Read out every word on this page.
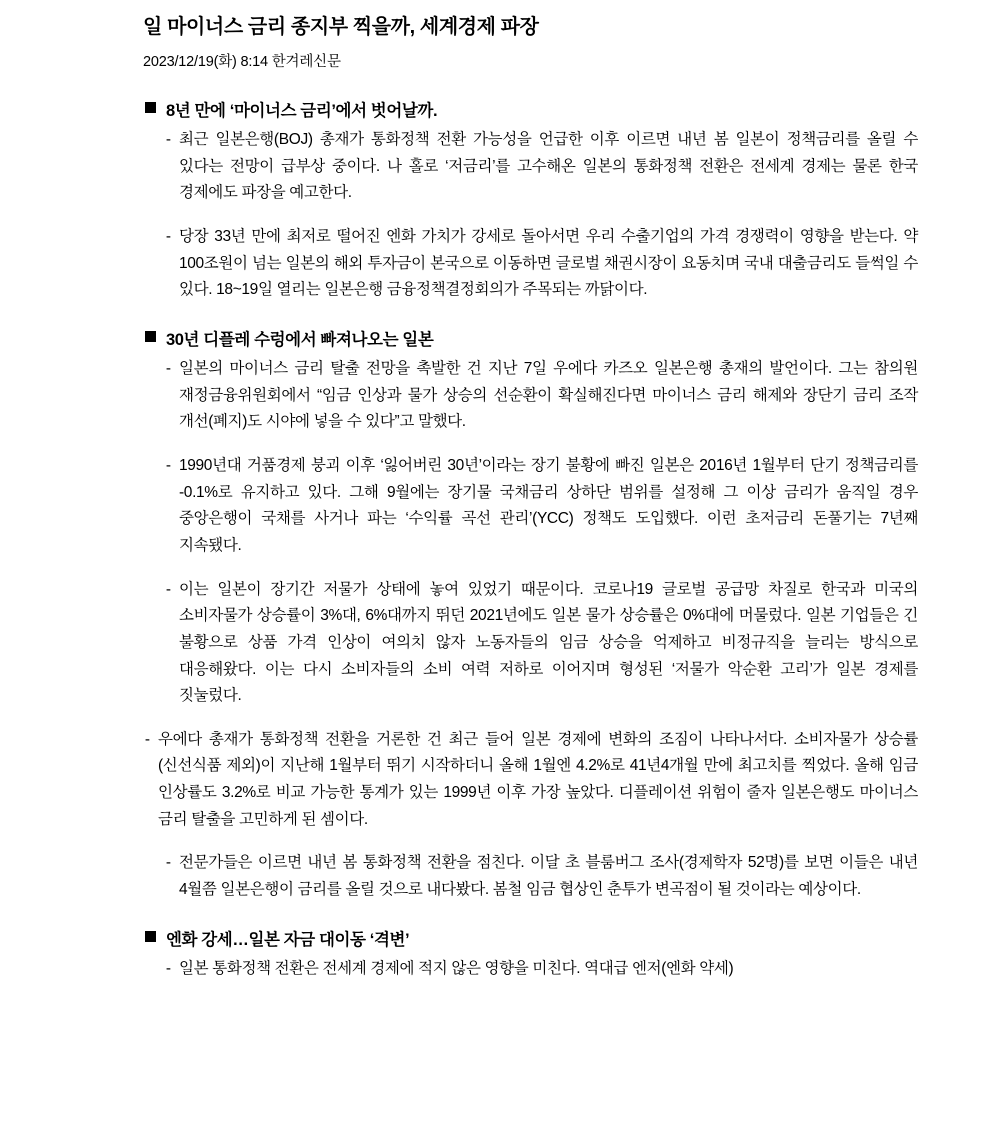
일 마이너스 금리 종지부 찍을까, 세계경제 파장
2023/12/19(화) 8:14 한겨레신문
8년 만에 ‘마이너스 금리’에서 벗어날까.
- 최근 일본은행(BOJ) 총재가 통화정책 전환 가능성을 언급한 이후 이르면 내년 봄 일본이 정책금리를 올릴 수 있다는 전망이 급부상 중이다. 나 홀로 ‘저금리’를 고수해온 일본의 통화정책 전환은 전세계 경제는 물론 한국 경제에도 파장을 예고한다.
- 당장 33년 만에 최저로 떨어진 엔화 가치가 강세로 돌아서면 우리 수출기업의 가격 경쟁력이 영향을 받는다. 약 100조원이 넘는 일본의 해외 투자금이 본국으로 이동하면 글로벌 채권시장이 요동치며 국내 대출금리도 들썩일 수 있다. 18~19일 열리는 일본은행 금융정책결정회의가 주목되는 까닭이다.
30년 디플레 수렁에서 빠져나오는 일본
- 일본의 마이너스 금리 탈출 전망을 촉발한 건 지난 7일 우에다 카즈오 일본은행 총재의 발언이다. 그는 참의원 재정금융위원회에서 “임금 인상과 물가 상승의 선순환이 확실해진다면 마이너스 금리 해제와 장단기 금리 조작 개선(폐지)도 시야에 넣을 수 있다”고 말했다.
- 1990년대 거품경제 붕괴 이후 ‘잃어버린 30년’이라는 장기 불황에 빠진 일본은 2016년 1월부터 단기 정책금리를 -0.1%로 유지하고 있다. 그해 9월에는 장기물 국채금리 상하단 범위를 설정해 그 이상 금리가 움직일 경우 중앙은행이 국채를 사거나 파는 ‘수익률 곡선 관리’(YCC) 정책도 도입했다. 이런 초저금리 돈풀기는 7년째 지속됐다.
- 이는 일본이 장기간 저물가 상태에 놓여 있었기 때문이다. 코로나19 글로벌 공급망 차질로 한국과 미국의 소비자물가 상승률이 3%대, 6%대까지 뛰던 2021년에도 일본 물가 상승률은 0%대에 머물렀다. 일본 기업들은 긴 불황으로 상품 가격 인상이 여의치 않자 노동자들의 임금 상승을 억제하고 비정규직을 늘리는 방식으로 대응해왔다. 이는 다시 소비자들의 소비 여력 저하로 이어지며 형성된 ‘저물가 악순환 고리’가 일본 경제를 짓눌렀다.
- 우에다 총재가 통화정책 전환을 거론한 건 최근 들어 일본 경제에 변화의 조짐이 나타나서다. 소비자물가 상승률(신선식품 제외)이 지난해 1월부터 뛰기 시작하더니 올해 1월엔 4.2%로 41년4개월 만에 최고치를 찍었다. 올해 임금 인상률도 3.2%로 비교 가능한 통계가 있는 1999년 이후 가장 높았다. 디플레이션 위험이 줄자 일본은행도 마이너스 금리 탈출을 고민하게 된 셈이다.
- 전문가들은 이르면 내년 봄 통화정책 전환을 점친다. 이달 초 블룸버그 조사(경제학자 52명)를 보면 이들은 내년 4월쯤 일본은행이 금리를 올릴 것으로 내다봤다. 봄철 임금 협상인 춘투가 변곡점이 될 것이라는 예상이다.
엔화 강세…일본 자금 대이동 ‘격변’
- 일본 통화정책 전환은 전세계 경제에 적지 않은 영향을 미친다. 역대급 엔저(엔화 약세)
